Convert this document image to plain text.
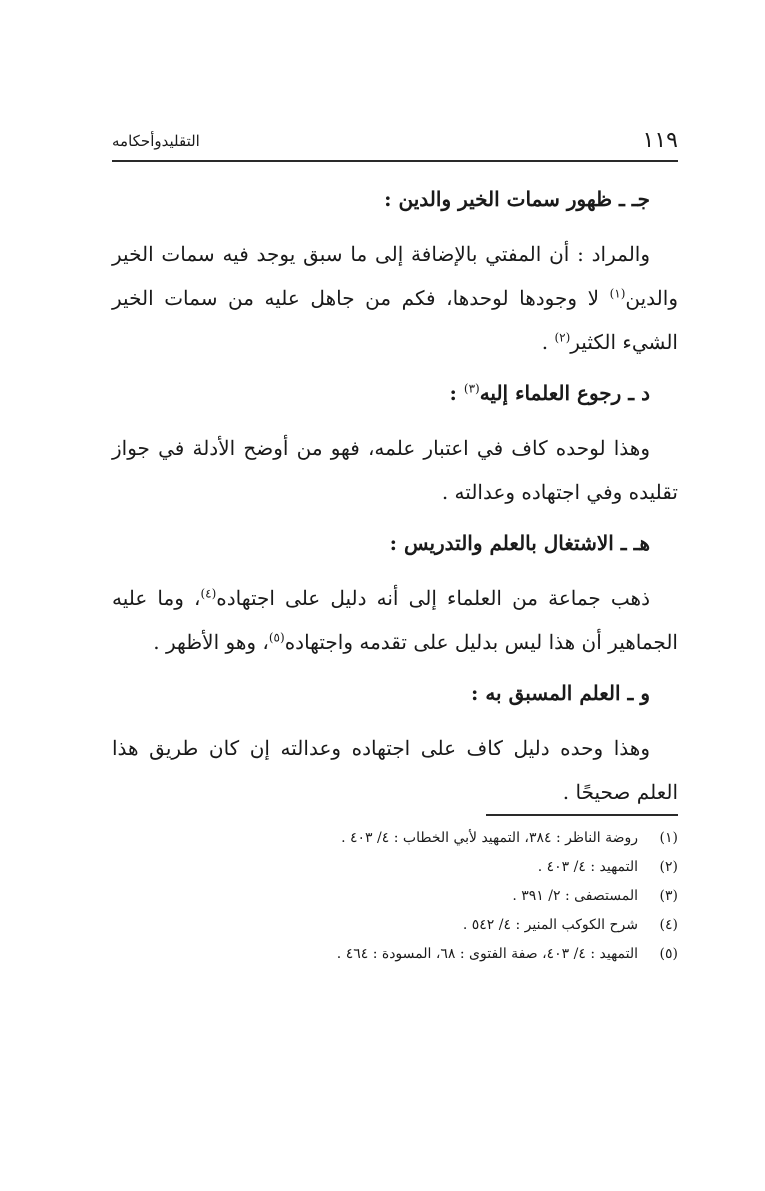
١١٩
التقليدوأحكامه
جـ ـ ظهور سمات الخير والدين :

والمراد : أن المفتي بالإضافة إلى ما سبق يوجد فيه سمات الخير والدين$^{(١)}$ لا وجودها لوحدها، فكم من جاهل عليه من سمات الخير الشيء الكثير$^{(٢)}$ .

د ـ رجوع العلماء إليه$^{(٣)}$ :

وهذا لوحده كاف في اعتبار علمه، فهو من أوضح الأدلة في جواز تقليده وفي اجتهاده وعدالته .

هـ ـ الاشتغال بالعلم والتدريس :

ذهب جماعة من العلماء إلى أنه دليل على اجتهاده$^{(٤)}$، وما عليه الجماهير أن هذا ليس بدليل على تقدمه واجتهاده$^{(٥)}$، وهو الأظهر .

و ـ العلم المسبق به :

وهذا وحده دليل كاف على اجتهاده وعدالته إن كان طريق هذا العلم صحيحًا .

(١)روضة الناظر : ٣٨٤، التمهيد لأبي الخطاب : ٤/ ٤٠٣ .
(٢)التمهيد : ٤/ ٤٠٣ .
(٣)المستصفى : ٢/ ٣٩١ .
(٤)شرح الكوكب المنير : ٤/ ٥٤٢ .
(٥)التمهيد : ٤/ ٤٠٣، صفة الفتوى : ٦٨، المسودة : ٤٦٤ .
